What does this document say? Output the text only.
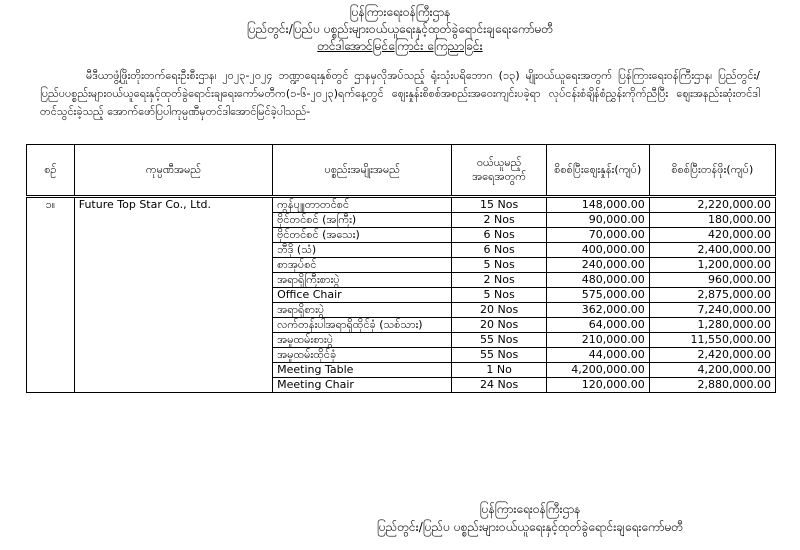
ပြန်ကြားရေးဝန်ကြီးဌာန
ပြည်တွင်း/ပြည်ပ ပစ္စည်းများဝယ်ယူရေးနှင့်ထုတ်ခွဲရောင်းချရေးကော်မတီ
တင်ဒါအောင်မြင်ကြောင်း ကြေညာခြင်း
မီဒီယာဖွံ့ဖြိုးတိုးတက်ရေးဦးစီးဌာန၊ ၂၀၂၃-၂၀၂၄ ဘဏ္ဍာရေးနှစ်တွင် ဌာနမှလိုအပ်သည့် ရုံးသုံးပရိဘောဂ (၁၃) မျိုးဝယ်ယူရေးအတွက် ပြန်ကြားရေးဝန်ကြီးဌာန၊ ပြည်တွင်း/ပြည်ပပစ္စည်းများဝယ်ယူရေးနှင့်ထုတ်ခွဲရောင်းချရေးကော်မတီက(၁-၆-၂၀၂၃)ရက်နေ့တွင် ဈေးနှုန်းစိစစ်အစည်းအဝေးကျင်းပခဲ့ရာ လုပ်ငန်းစံချိန်စံညွှန်းကိုက်ညီပြီး ဈေးအနည်းဆုံးတင်ဒါတင်သွင်းခဲ့သည့် အောက်ဖော်ပြပါကုမ္ပဏီမှတင်ဒါအောင်မြင်ခဲ့ပါသည်-
စဉ်	ကုမ္ပဏီအမည်	ပစ္စည်းအမျိုးအမည်	ဝယ်ယူမည့်အရေအတွက်	စိစစ်ပြီးဈေးနှုန်း(ကျပ်)	စိစစ်ပြီးတန်ဖိုး(ကျပ်)
၁။	Future Top Star Co., Ltd.	ကွန်ပျူတာတင်စင်	15 Nos	148,000.00	2,220,000.00
		ဗိုင်တင်စင် (အကြီး)	2 Nos	90,000.00	180,000.00
		ဗိုင်တင်စင် (အသေး)	6 Nos	70,000.00	420,000.00
		ဘီဒို (သံ)	6 Nos	400,000.00	2,400,000.00
		စာအုပ်စင်	5 Nos	240,000.00	1,200,000.00
		အရာရှိကြီးစားပွဲ	2 Nos	480,000.00	960,000.00
		Office Chair	5 Nos	575,000.00	2,875,000.00
		အရာရှိစားပွဲ	20 Nos	362,000.00	7,240,000.00
		လက်တန်းပါအရာရှိထိုင်ခုံ (သစ်သား)	20 Nos	64,000.00	1,280,000.00
		အမှုထမ်းစားပွဲ	55 Nos	210,000.00	11,550,000.00
		အမှုထမ်းထိုင်ခုံ	55 Nos	44,000.00	2,420,000.00
		Meeting Table	1 No	4,200,000.00	4,200,000.00
		Meeting Chair	24 Nos	120,000.00	2,880,000.00
ပြန်ကြားရေးဝန်ကြီးဌာန
ပြည်တွင်း/ပြည်ပ ပစ္စည်းများဝယ်ယူရေးနှင့်ထုတ်ခွဲရောင်းချရေးကော်မတီ
